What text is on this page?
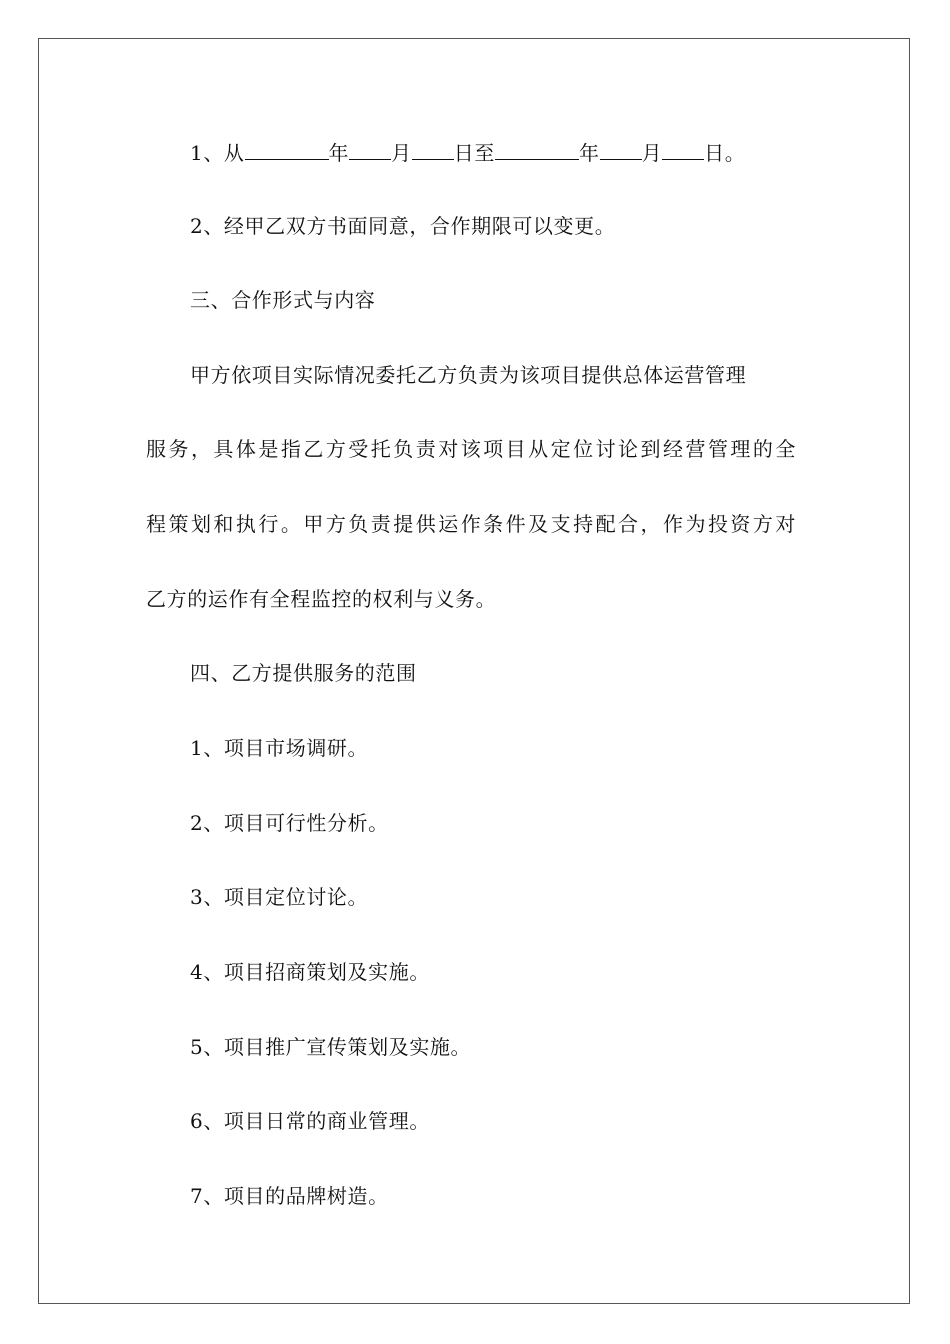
1、从	年 月 日至	年 月 日。
2、经甲乙双方书面同意，合作期限可以变更。
三、合作形式与内容
甲方依项目实际情况委托乙方负责为该项目提供总体运营管理
服务，具体是指乙方受托负责对该项目从定位讨论到经营管理的全
程策划和执行。甲方负责提供运作条件及支持配合，作为投资方对
乙方的运作有全程监控的权利与义务。
四、乙方提供服务的范围
1、项目市场调研。
2、项目可行性分析。
3、项目定位讨论。
4、项目招商策划及实施。
5、项目推广宣传策划及实施。
6、项目日常的商业管理。
7、项目的品牌树造。
